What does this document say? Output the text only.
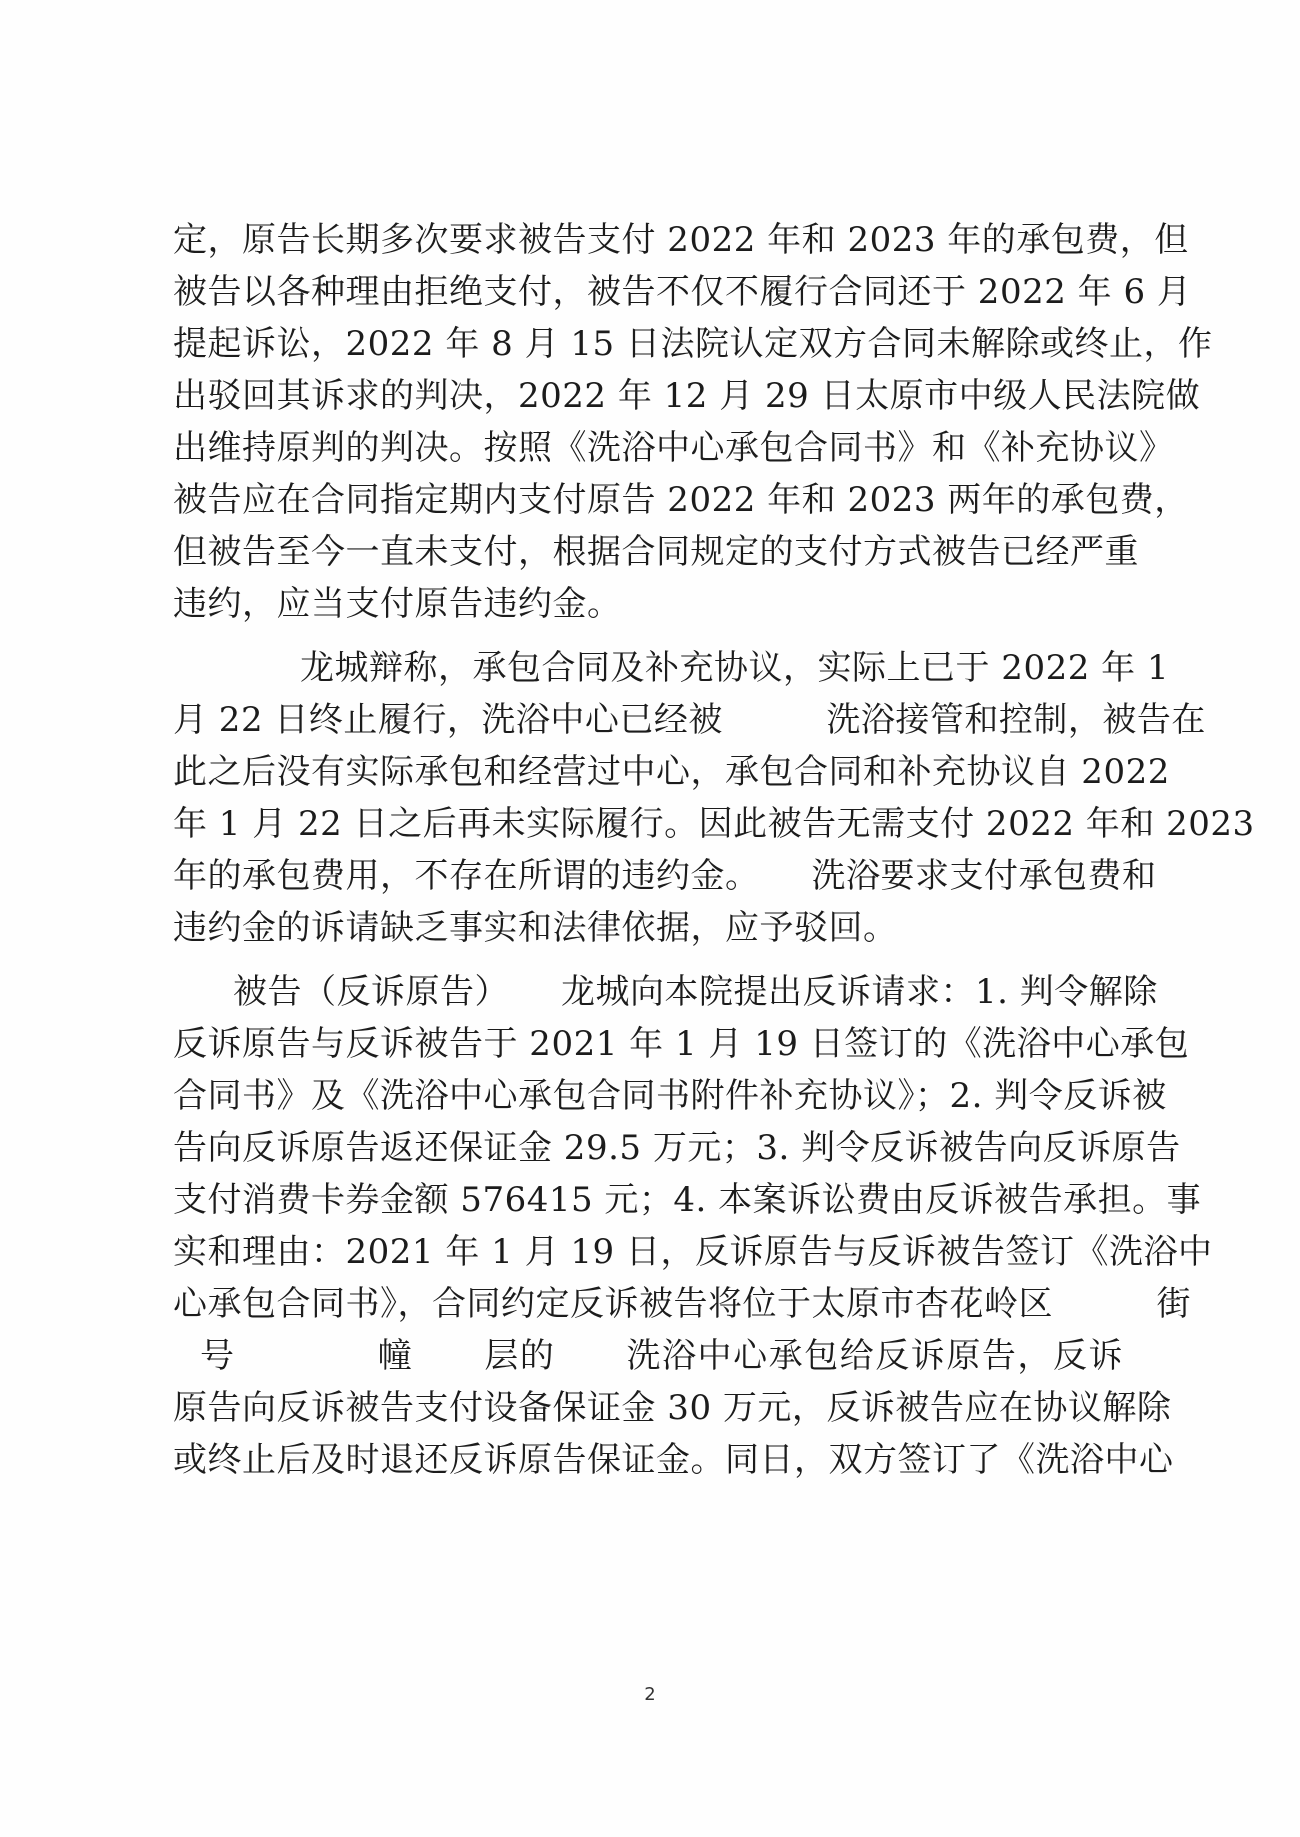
定，原告长期多次要求被告支付 2022 年和 2023 年的承包费，但
被告以各种理由拒绝支付，被告不仅不履行合同还于 2022 年 6 月
提起诉讼，2022 年 8 月 15 日法院认定双方合同未解除或终止，作
出驳回其诉求的判决，2022 年 12 月 29 日太原市中级人民法院做
出维持原判的判决。按照《洗浴中心承包合同书》和《补充协议》
被告应在合同指定期内支付原告 2022 年和 2023 两年的承包费，
但被告至今一直未支付，根据合同规定的支付方式被告已经严重
违约，应当支付原告违约金。
龙城辩称，承包合同及补充协议，实际上已于 2022 年 1
月 22 日终止履行，洗浴中心已经被　　　洗浴接管和控制，被告在
此之后没有实际承包和经营过中心，承包合同和补充协议自 2022
年 1 月 22 日之后再未实际履行。因此被告无需支付 2022 年和 2023
年的承包费用，不存在所谓的违约金。　　洗浴要求支付承包费和
违约金的诉请缺乏事实和法律依据，应予驳回。
被告（反诉原告）　　龙城向本院提出反诉请求：1. 判令解除
反诉原告与反诉被告于 2021 年 1 月 19 日签订的《洗浴中心承包
合同书》及《洗浴中心承包合同书附件补充协议》；2. 判令反诉被
告向反诉原告返还保证金 29.5 万元；3. 判令反诉被告向反诉原告
支付消费卡券金额 576415 元；4. 本案诉讼费由反诉被告承担。事
实和理由：2021 年 1 月 19 日，反诉原告与反诉被告签订《洗浴中
心承包合同书》，合同约定反诉被告将位于太原市杏花岭区　　　街
号　　　　幢　　层的　　洗浴中心承包给反诉原告，反诉
原告向反诉被告支付设备保证金 30 万元，反诉被告应在协议解除
或终止后及时退还反诉原告保证金。同日，双方签订了《洗浴中心
2
